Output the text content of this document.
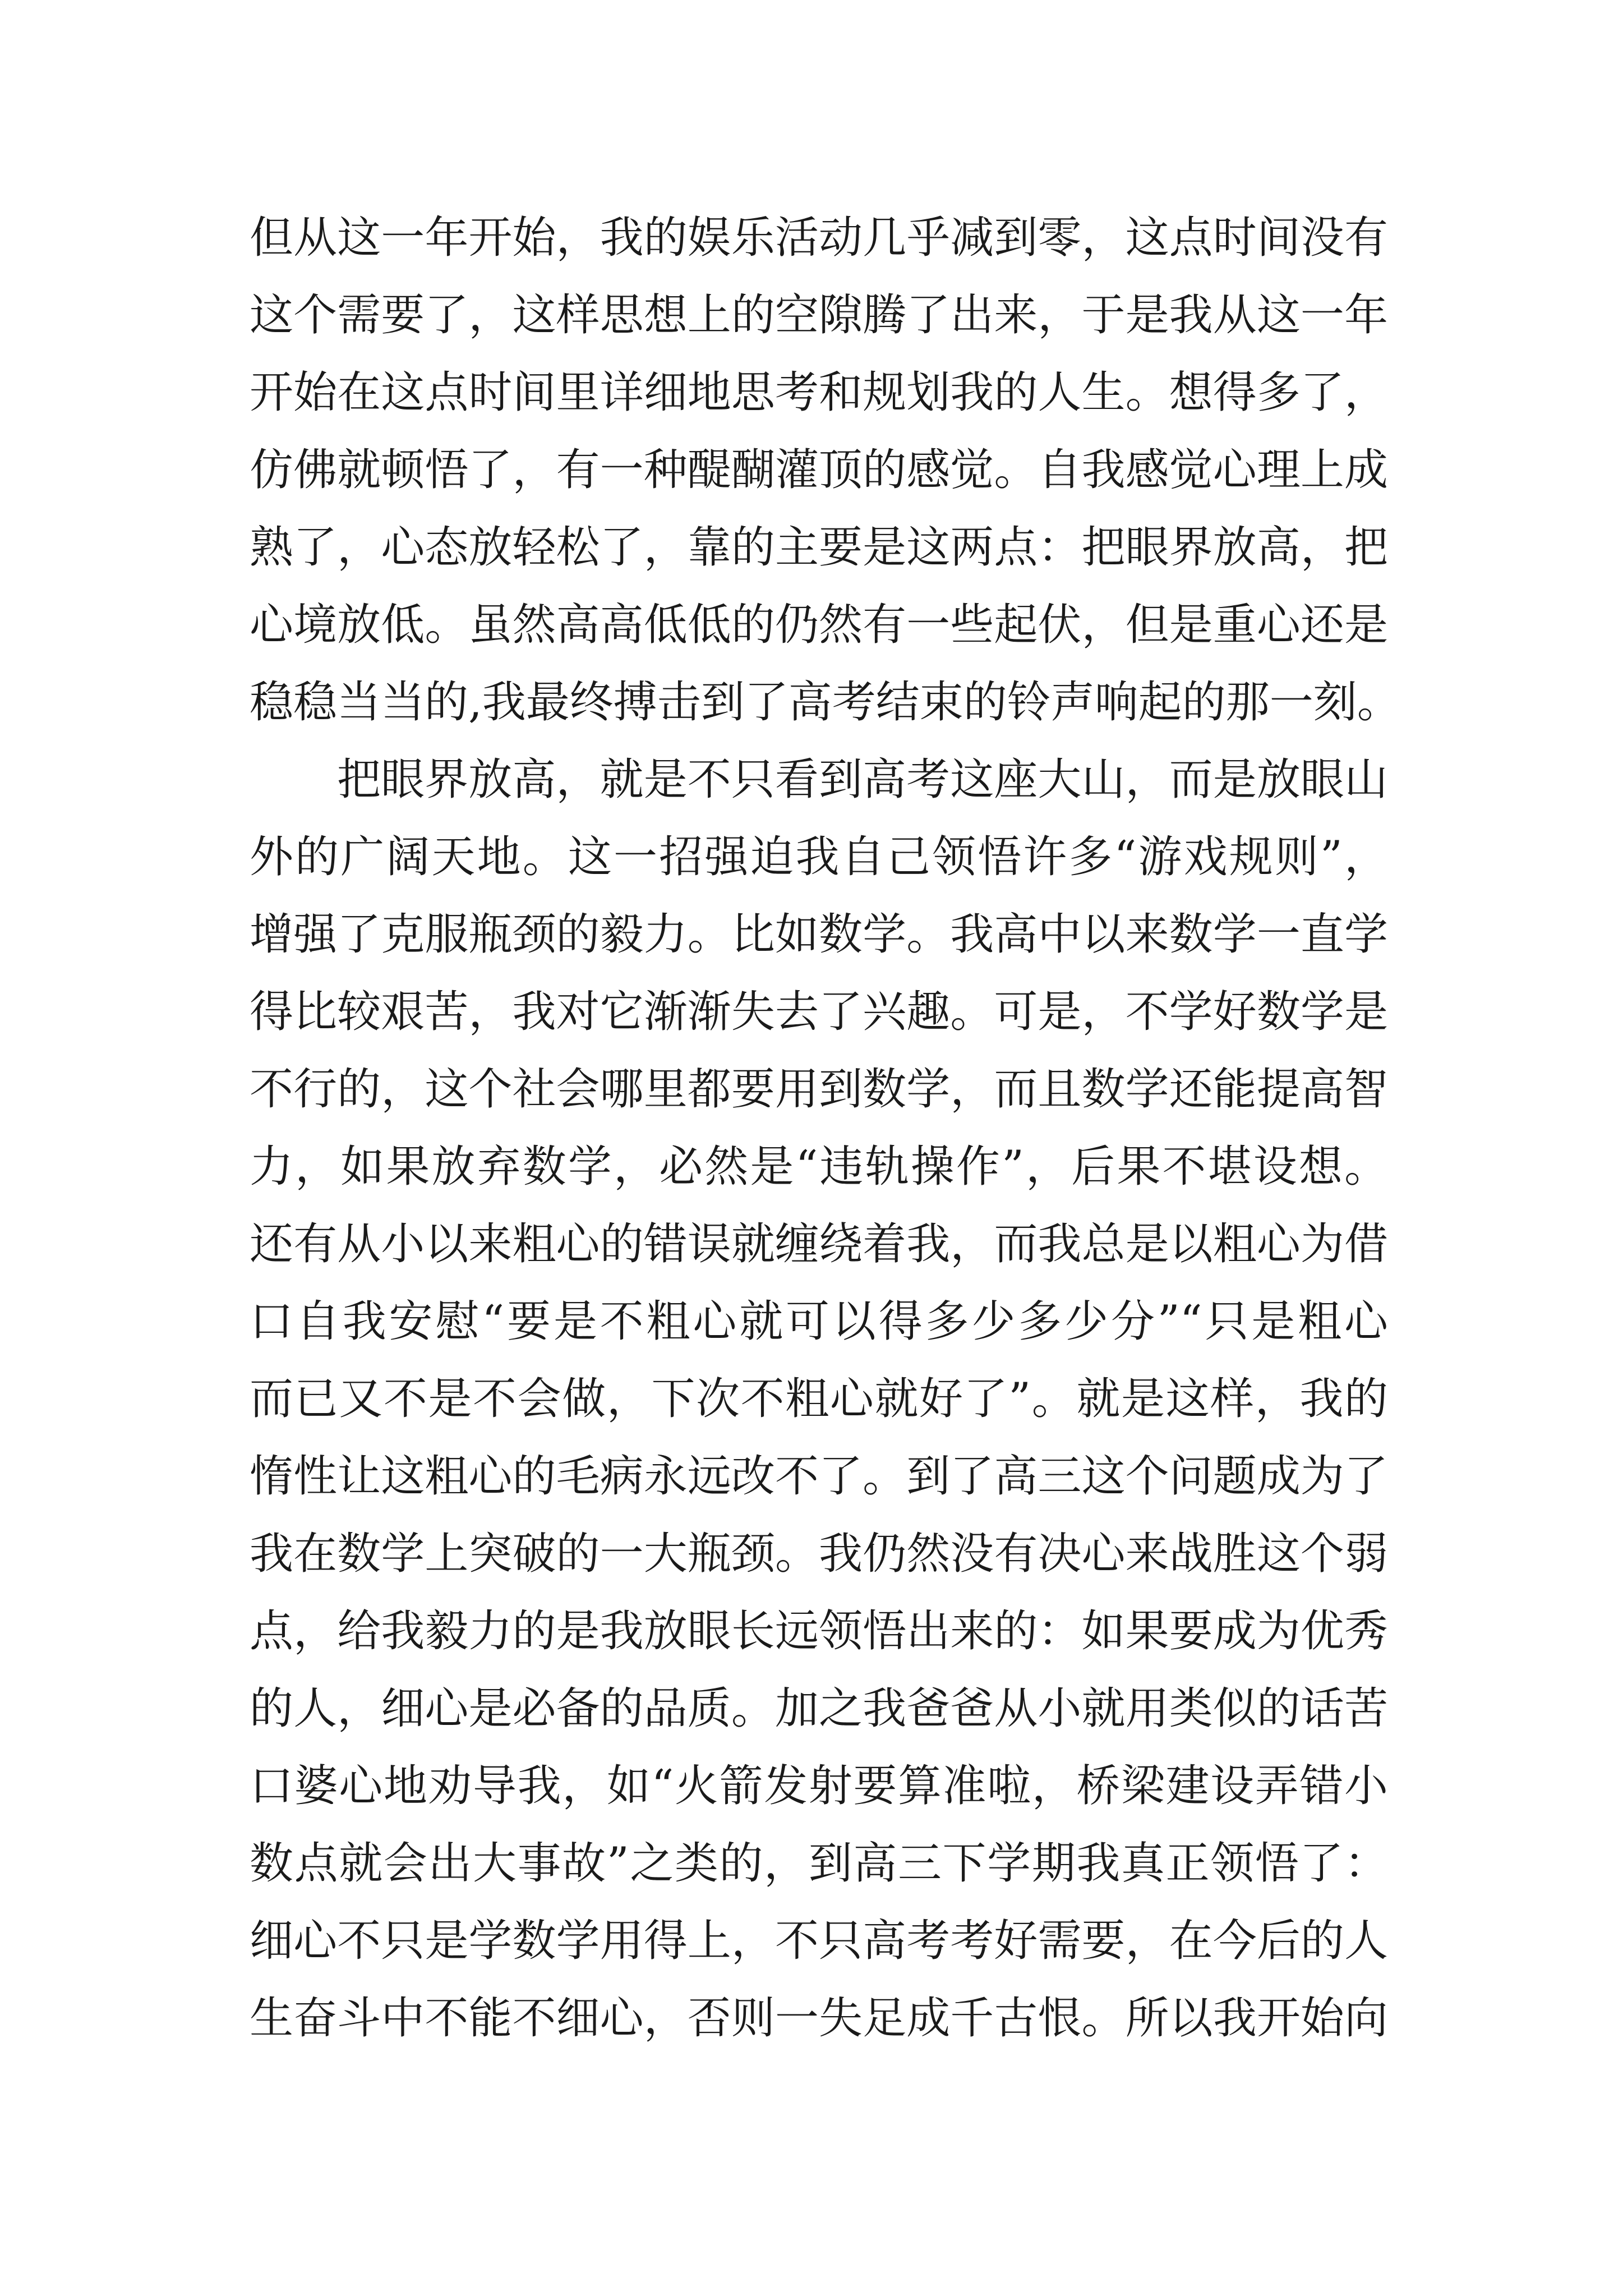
但从这一年开始，我的娱乐活动几乎减到零，这点时间没有
这个需要了，这样思想上的空隙腾了出来，于是我从这一年
开始在这点时间里详细地思考和规划我的人生。想得多了，
仿佛就顿悟了，有一种醍醐灌顶的感觉。自我感觉心理上成
熟了，心态放轻松了，靠的主要是这两点：把眼界放高，把
心境放低。虽然高高低低的仍然有一些起伏，但是重心还是
稳稳当当的,我最终搏击到了高考结束的铃声响起的那一刻。
把眼界放高，就是不只看到高考这座大山，而是放眼山
外的广阔天地。这一招强迫我自己领悟许多“游戏规则”，
增强了克服瓶颈的毅力。比如数学。我高中以来数学一直学
得比较艰苦，我对它渐渐失去了兴趣。可是，不学好数学是
不行的，这个社会哪里都要用到数学，而且数学还能提高智
力，如果放弃数学，必然是“违轨操作”，后果不堪设想。
还有从小以来粗心的错误就缠绕着我，而我总是以粗心为借
口自我安慰“要是不粗心就可以得多少多少分”“只是粗心
而已又不是不会做，下次不粗心就好了”。就是这样，我的
惰性让这粗心的毛病永远改不了。到了高三这个问题成为了
我在数学上突破的一大瓶颈。我仍然没有决心来战胜这个弱
点，给我毅力的是我放眼长远领悟出来的：如果要成为优秀
的人，细心是必备的品质。加之我爸爸从小就用类似的话苦
口婆心地劝导我，如“火箭发射要算准啦，桥梁建设弄错小
数点就会出大事故”之类的，到高三下学期我真正领悟了：
细心不只是学数学用得上，不只高考考好需要，在今后的人
生奋斗中不能不细心，否则一失足成千古恨。所以我开始向
